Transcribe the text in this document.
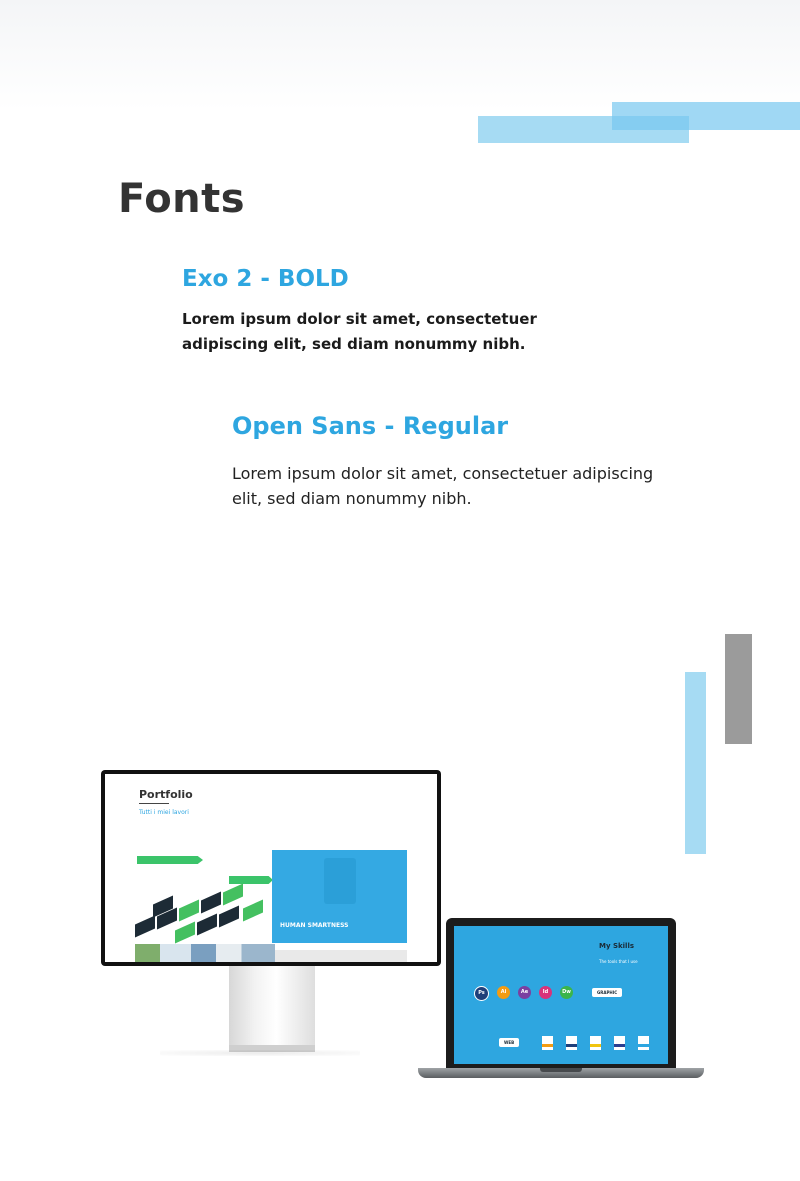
Fonts
Exo 2 - BOLD

Lorem ipsum dolor sit amet, consectetuer adipiscing elit, sed diam nonummy nibh.

Open Sans - Regular

Lorem ipsum dolor sit amet, consectetuer adipiscing elit, sed diam nonummy nibh.

Portfolio

Tutti i miei lavori

HUMAN SMARTNESS

My Skills

The tools that I use

Ps	Ai	Ae	Id	Dw	GRAPHIC
WEB
